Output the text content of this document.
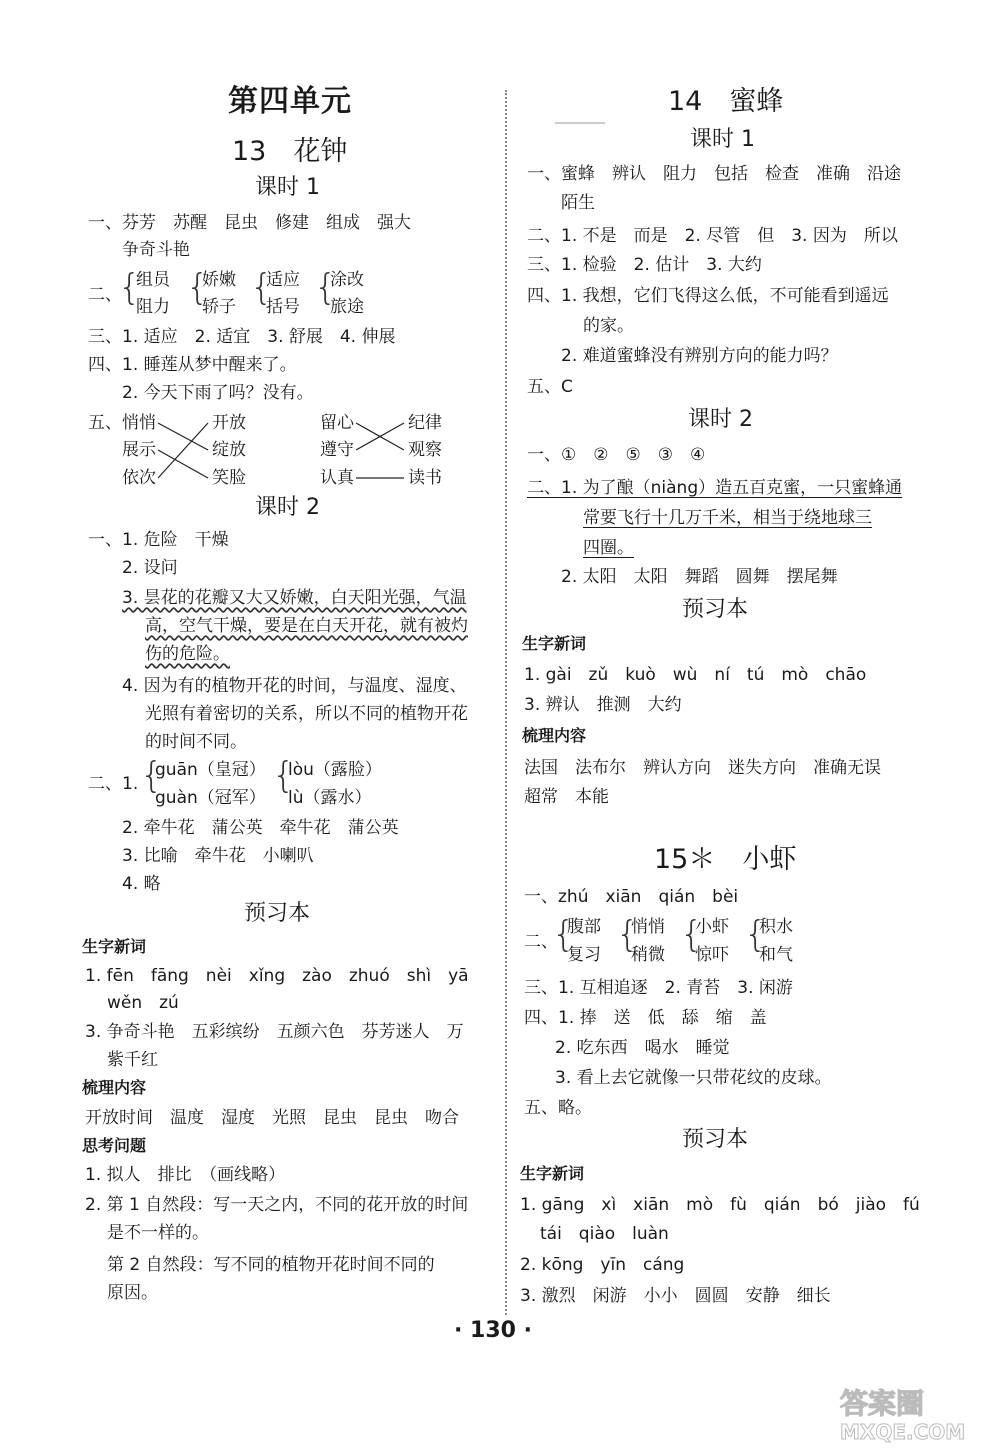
第四单元
13　花钟
课时 1
一、芬芳　苏醒　昆虫　修建　组成　强大
争奇斗艳
二、
{
组员
阻力 {
娇嫩
轿子 {
适应
括号 {
涂改
旅途
三、1. 适应　2. 适宜　3. 舒展　4. 伸展
四、1. 睡莲从梦中醒来了。
2. 今天下雨了吗？没有。
五、 悄悄
展示
依次
开放
绽放
笑脸
留心
遵守
认真
纪律
观察
读书
课时 2
一、1. 危险　干燥
2. 设问
3. 昙花的花瓣又大又娇嫩，白天阳光强，气温
高，空气干燥，要是在白天开花，就有被灼
伤的危险。
4. 因为有的植物开花的时间，与温度、湿度、
光照有着密切的关系，所以不同的植物开花
的时间不同。
二、1. {
guān（皇冠）
guàn（冠军）
{
lòu（露脸）
lù（露水）
2. 牵牛花　蒲公英　牵牛花　蒲公英
3. 比喻　牵牛花　小喇叭
4. 略
预习本
生字新词
1. fēn　fāng　nèi　xǐng　zào　zhuó　shì　yā
wěn　zú
3. 争奇斗艳　五彩缤纷　五颜六色　芬芳迷人　万
紫千红
梳理内容
开放时间　温度　湿度　光照　昆虫　昆虫　吻合
思考问题
1. 拟人　排比　（画线略）
2. 第 1 自然段：写一天之内，不同的花开放的时间
是不一样的。
第 2 自然段：写不同的植物开花时间不同的
原因。
14　蜜蜂
课时 1
一、蜜蜂　辨认　阻力　包括　检查　准确　沿途
陌生
二、1. 不是　而是　2. 尽管　但　3. 因为　所以
三、1. 检验　2. 估计　3. 大约
四、1. 我想，它们飞得这么低，不可能看到遥远
的家。
2. 难道蜜蜂没有辨别方向的能力吗？
五、C
课时 2
一、①　②　⑤　③　④
二、1. 为了酿（niàng）造五百克蜜，一只蜜蜂通
常要飞行十几万千米，相当于绕地球三
四圈。
2. 太阳　太阳　舞蹈　圆舞　摆尾舞
预习本
生字新词
1. gài　zǔ　kuò　wù　ní　tú　mò　chāo
3. 辨认　推测　大约
梳理内容
法国　法布尔　辨认方向　迷失方向　准确无误
超常　本能
15＊　小虾
一、zhú　xiān　qián　bèi
二、
{
腹部
复习 {
悄悄
稍微 {
小虾
惊吓 {
积水
和气
三、1. 互相追逐　2. 青苔　3. 闲游
四、1. 捧　送　低　舔　缩　盖
2. 吃东西　喝水　睡觉
3. 看上去它就像一只带花纹的皮球。
五、略。
预习本
生字新词
1. gāng　xì　xiān　mò　fù　qián　bó　jiào　fú
tái　qiào　luàn
2. kōng　yīn　cáng
3. 激烈　闲游　小小　圆圆　安静　细长
· 130 ·
答案圈
MXQE.COM
